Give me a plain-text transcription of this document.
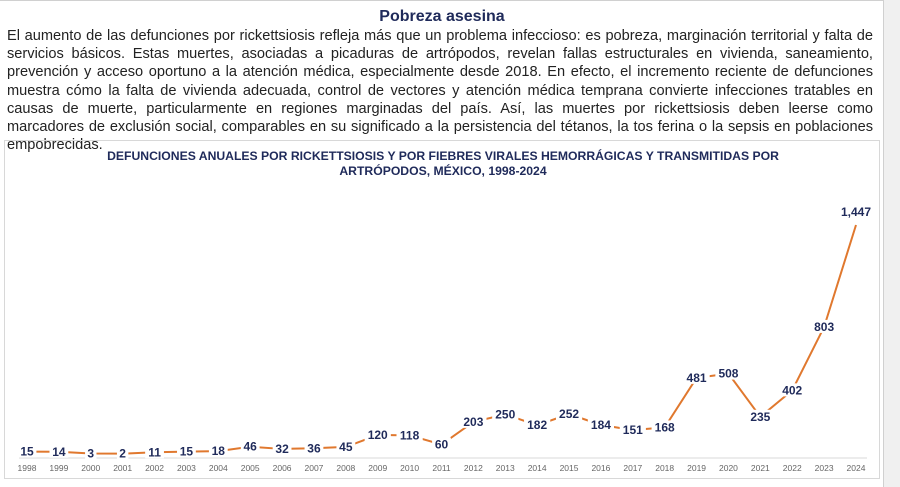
Pobreza asesina
El aumento de las defunciones por rickettsiosis refleja más que un problema infeccioso: es pobreza, marginación territorial y falta de servicios básicos. Estas muertes, asociadas a picaduras de artrópodos, revelan fallas estructurales en vivienda, saneamiento, prevención y acceso oportuno a la atención médica, especialmente desde 2018. En efecto, el incremento reciente de defunciones muestra cómo la falta de vivienda adecuada, control de vectores y atención médica temprana convierte infecciones tratables en causas de muerte, particularmente en regiones marginadas del país. Así, las muertes por rickettsiosis deben leerse como marcadores de exclusión social, comparables en su significado a la persistencia del tétanos, la tos ferina o la sepsis en poblaciones empobrecidas.
DEFUNCIONES ANUALES POR RICKETTSIOSIS Y POR FIEBRES VIRALES HEMORRÁGICAS Y TRANSMITIDAS POR
ARTRÓPODOS, MÉXICO, 1998-2024
15
1998
14
1999
3
2000
2
2001
11
2002
15
2003
18
2004
46
2005
32
2006
36
2007
45
2008
120
2009
118
2010
60
2011
203
2012
250
2013
182
2014
252
2015
184
2016
151
2017
168
2018
481
2019
508
2020
235
2021
402
2022
803
2023
1,447
2024
